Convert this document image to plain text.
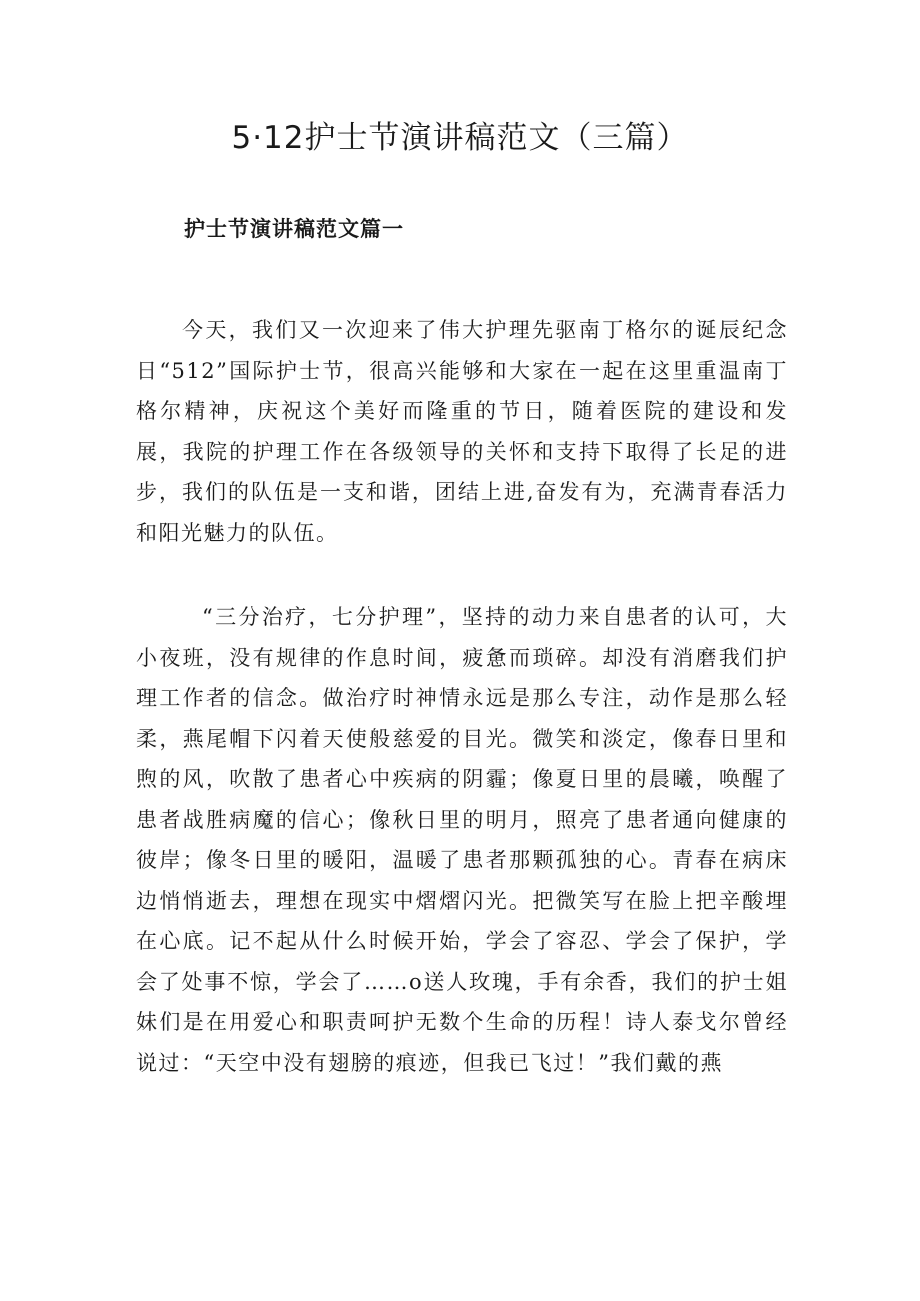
5·12护士节演讲稿范文（三篇）
护士节演讲稿范文篇一

今天，我们又一次迎来了伟大护理先驱南丁格尔的诞辰纪念日“512”国际护士节，很高兴能够和大家在一起在这里重温南丁格尔精神，庆祝这个美好而隆重的节日，随着医院的建设和发展，我院的护理工作在各级领导的关怀和支持下取得了长足的进步，我们的队伍是一支和谐，团结上进,奋发有为，充满青春活力和阳光魅力的队伍。

“三分治疗，七分护理”，坚持的动力来自患者的认可，大小夜班，没有规律的作息时间，疲惫而琐碎。却没有消磨我们护理工作者的信念。做治疗时神情永远是那么专注，动作是那么轻柔，燕尾帽下闪着天使般慈爱的目光。微笑和淡定，像春日里和煦的风，吹散了患者心中疾病的阴霾；像夏日里的晨曦，唤醒了患者战胜病魔的信心；像秋日里的明月，照亮了患者通向健康的彼岸；像冬日里的暖阳，温暖了患者那颗孤独的心。青春在病床边悄悄逝去，理想在现实中熠熠闪光。把微笑写在脸上把辛酸埋在心底。记不起从什么时候开始，学会了容忍、学会了保护，学会了处事不惊，学会了……o送人玫瑰，手有余香，我们的护士姐妹们是在用爱心和职责呵护无数个生命的历程！诗人泰戈尔曾经说过：“天空中没有翅膀的痕迹，但我已飞过！”我们戴的燕
